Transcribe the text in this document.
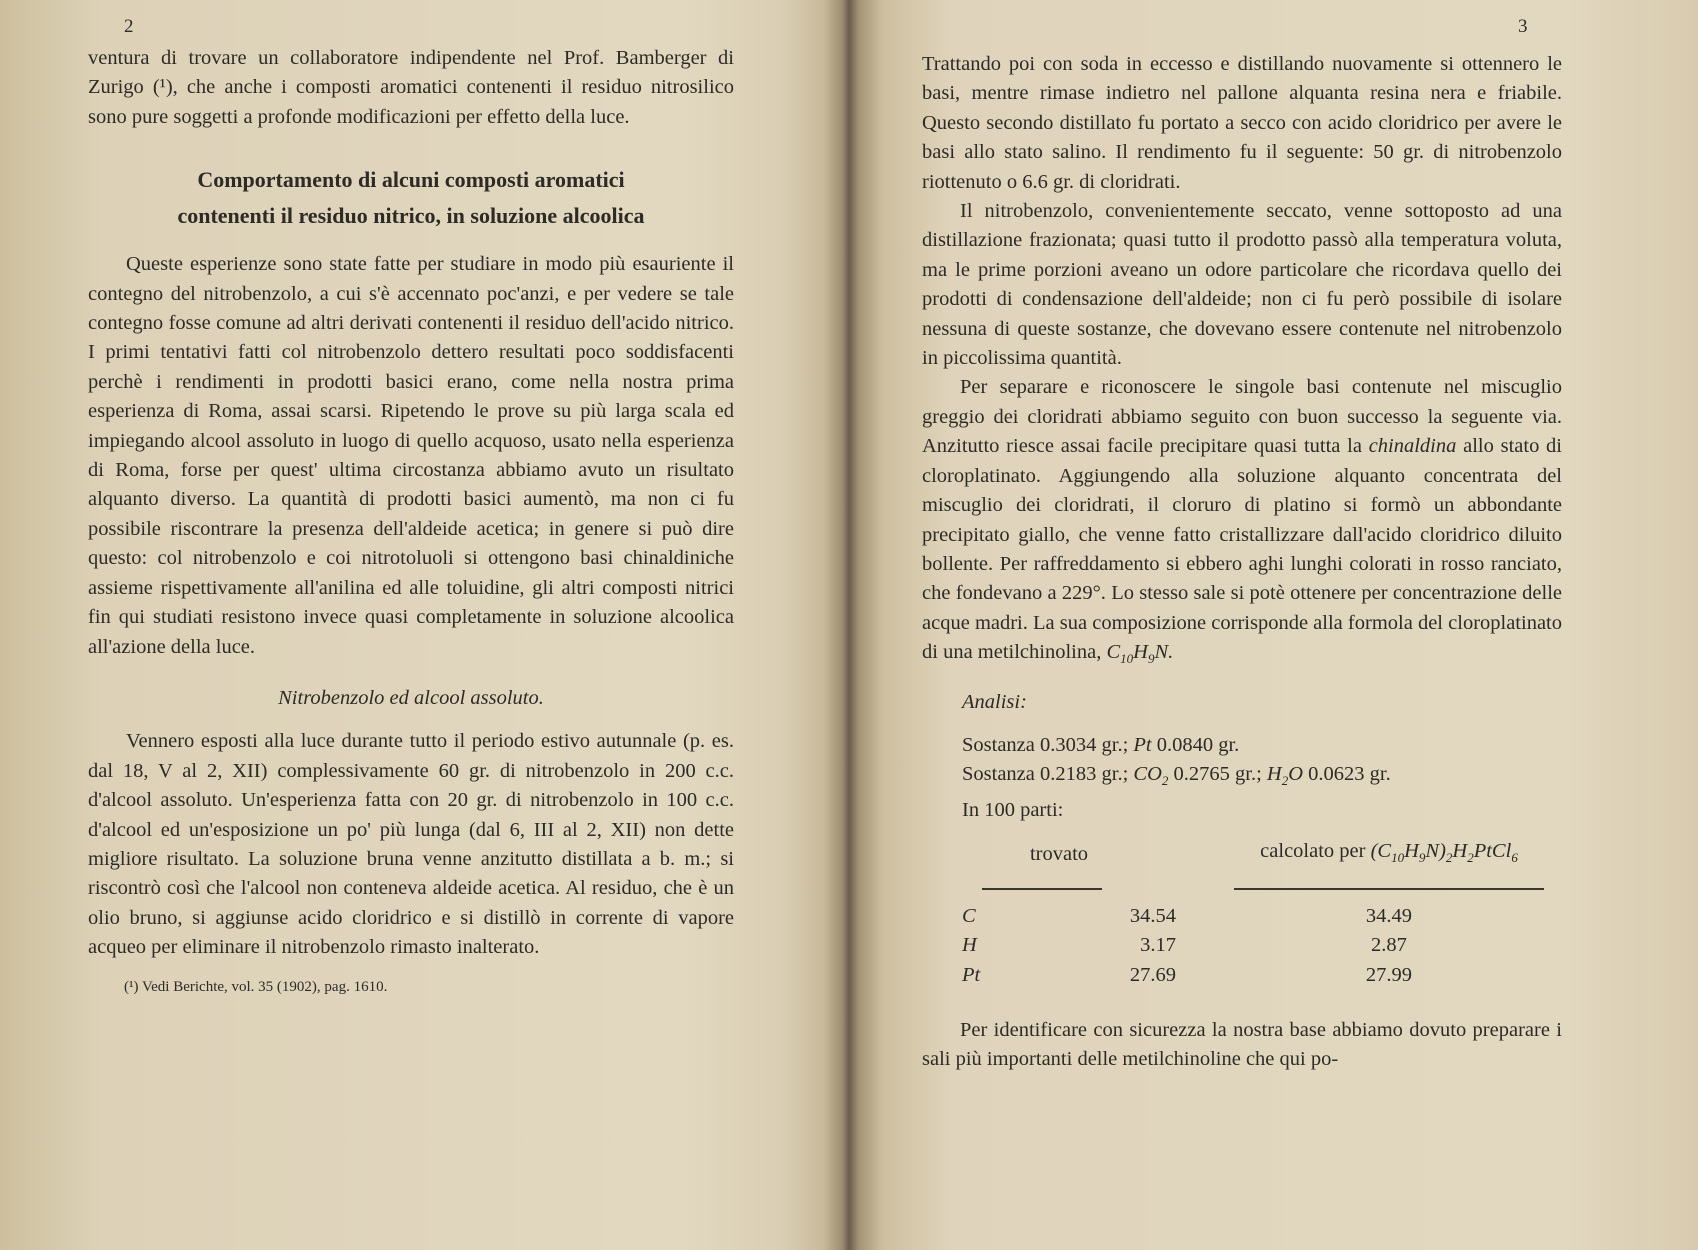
2

ventura di trovare un collaboratore indipendente nel Prof. Bamberger di Zurigo (¹), che anche i composti aromatici contenenti il residuo nitrosilico sono pure soggetti a profonde modificazioni per effetto della luce.

Comportamento di alcuni composti aromatici

contenenti il residuo nitrico, in soluzione alcoolica

Queste esperienze sono state fatte per studiare in modo più esauriente il contegno del nitrobenzolo, a cui s'è accennato poc'anzi, e per vedere se tale contegno fosse comune ad altri derivati contenenti il residuo dell'acido nitrico. I primi tentativi fatti col nitrobenzolo dettero resultati poco soddisfacenti perchè i rendimenti in prodotti basici erano, come nella nostra prima esperienza di Roma, assai scarsi. Ripetendo le prove su più larga scala ed impiegando alcool assoluto in luogo di quello acquoso, usato nella esperienza di Roma, forse per quest' ultima circostanza abbiamo avuto un risultato alquanto diverso. La quantità di prodotti basici aumentò, ma non ci fu possibile riscontrare la presenza dell'aldeide acetica; in genere si può dire questo: col nitrobenzolo e coi nitrotoluoli si ottengono basi chinaldiniche assieme rispettivamente all'anilina ed alle toluidine, gli altri composti nitrici fin qui studiati resistono invece quasi completamente in soluzione alcoolica all'azione della luce.

Nitrobenzolo ed alcool assoluto.

Vennero esposti alla luce durante tutto il periodo estivo autunnale (p. es. dal 18, V al 2, XII) complessivamente 60 gr. di nitrobenzolo in 200 c.c. d'alcool assoluto. Un'esperienza fatta con 20 gr. di nitrobenzolo in 100 c.c. d'alcool ed un'esposizione un po' più lunga (dal 6, III al 2, XII) non dette migliore risultato. La soluzione bruna venne anzitutto distillata a b. m.; si riscontrò così che l'alcool non conteneva aldeide acetica. Al residuo, che è un olio bruno, si aggiunse acido cloridrico e si distillò in corrente di vapore acqueo per eliminare il nitrobenzolo rimasto inalterato.

(¹) Vedi Berichte, vol. 35 (1902), pag. 1610.

3

Trattando poi con soda in eccesso e distillando nuovamente si ottennero le basi, mentre rimase indietro nel pallone alquanta resina nera e friabile. Questo secondo distillato fu portato a secco con acido cloridrico per avere le basi allo stato salino. Il rendimento fu il seguente: 50 gr. di nitrobenzolo riottenuto o 6.6 gr. di cloridrati.

Il nitrobenzolo, convenientemente seccato, venne sottoposto ad una distillazione frazionata; quasi tutto il prodotto passò alla temperatura voluta, ma le prime porzioni aveano un odore particolare che ricordava quello dei prodotti di condensazione dell'aldeide; non ci fu però possibile di isolare nessuna di queste sostanze, che dovevano essere contenute nel nitrobenzolo in piccolissima quantità.

Per separare e riconoscere le singole basi contenute nel miscuglio greggio dei cloridrati abbiamo seguito con buon successo la seguente via. Anzitutto riesce assai facile precipitare quasi tutta la chinaldina allo stato di cloroplatinato. Aggiungendo alla soluzione alquanto concentrata del miscuglio dei cloridrati, il cloruro di platino si formò un abbondante precipitato giallo, che venne fatto cristallizzare dall'acido cloridrico diluito bollente. Per raffreddamento si ebbero aghi lunghi colorati in rosso ranciato, che fondevano a 229°. Lo stesso sale si potè ottenere per concentrazione delle acque madri. La sua composizione corrisponde alla formola del cloroplatinato di una metilchinolina, $C_{10}H_9N$.

Analisi:

Sostanza 0.3034 gr.; Pt 0.0840 gr.

Sostanza 0.2183 gr.; $CO_2$ 0.2765 gr.; $H_2O$ 0.0623 gr.

In 100 parti:

trovato		calcolato per $(C_{10}H_9N)_2H_2PtCl_6$

C	34.54	34.49
H	3.17	2.87
Pt	27.69	27.99

Per identificare con sicurezza la nostra base abbiamo dovuto preparare i sali più importanti delle metilchinoline che qui po-
